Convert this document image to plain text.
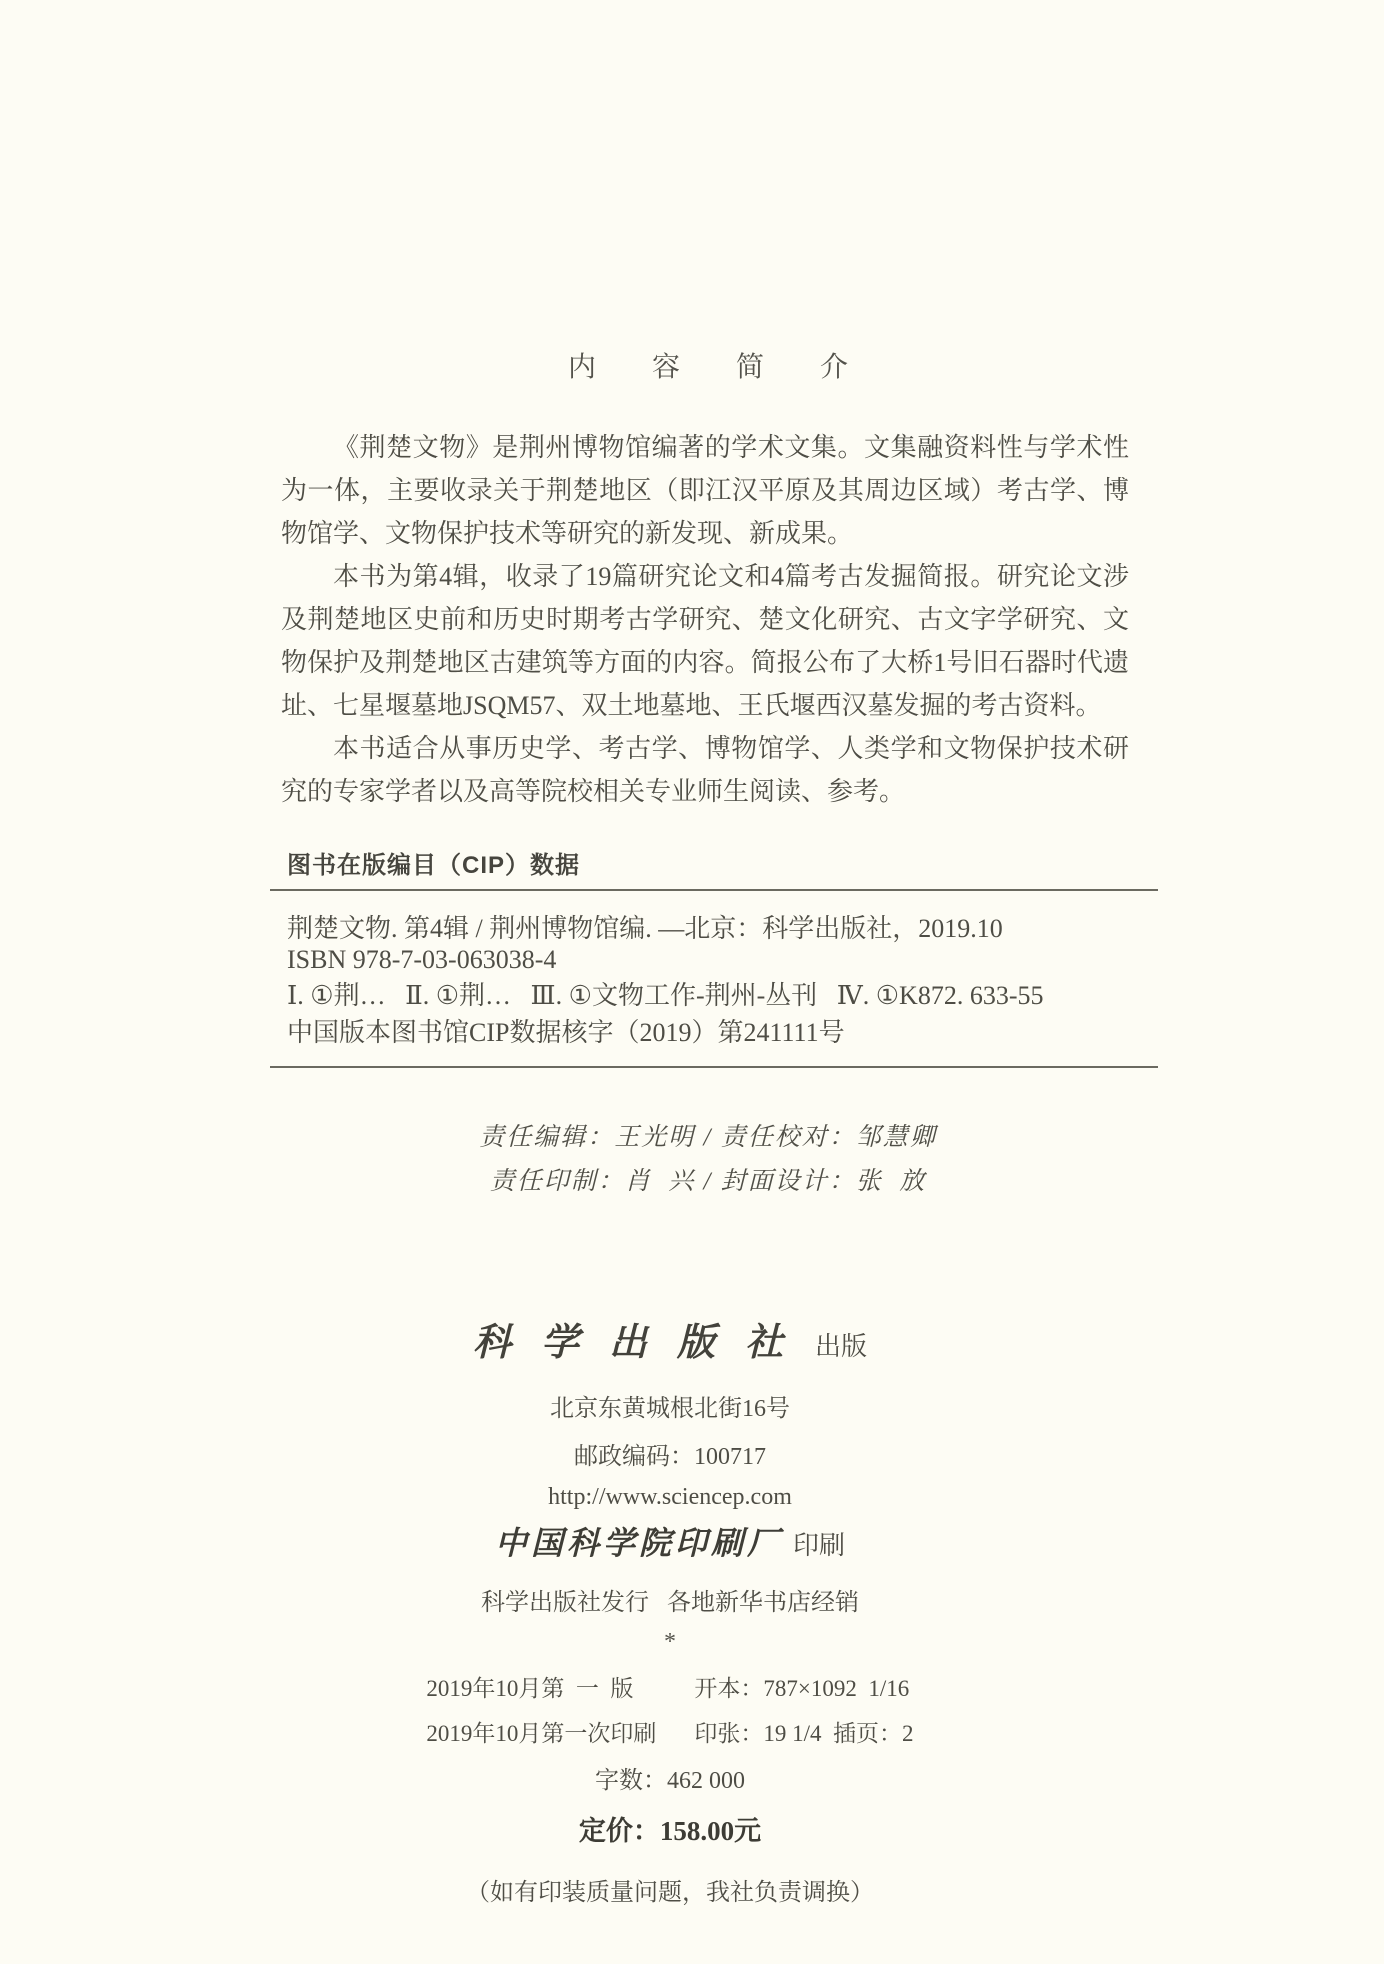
内容简介

《荆楚文物》是荆州博物馆编著的学术文集。文集融资料性与学术性为一体，主要收录关于荆楚地区（即江汉平原及其周边区域）考古学、博物馆学、文物保护技术等研究的新发现、新成果。

本书为第4辑，收录了19篇研究论文和4篇考古发掘简报。研究论文涉及荆楚地区史前和历史时期考古学研究、楚文化研究、古文字学研究、文物保护及荆楚地区古建筑等方面的内容。简报公布了大桥1号旧石器时代遗址、七星堰墓地JSQM57、双土地墓地、王氏堰西汉墓发掘的考古资料。

本书适合从事历史学、考古学、博物馆学、人类学和文物保护技术研究的专家学者以及高等院校相关专业师生阅读、参考。

图书在版编目（CIP）数据

荆楚文物. 第4辑 / 荆州博物馆编. —北京：科学出版社，2019.10

ISBN 978-7-03-063038-4

Ⅰ. ①荆…   Ⅱ. ①荆…   Ⅲ. ①文物工作-荆州-丛刊   Ⅳ. ①K872. 633-55

中国版本图书馆CIP数据核字（2019）第241111号

责任编辑：王光明 / 责任校对：邹慧卿
责任印制：肖  兴 / 封面设计：张  放
科学出版社出版
北京东黄城根北街16号
邮政编码：100717
http://www.sciencep.com
中国科学院印刷厂 印刷
科学出版社发行   各地新华书店经销
*
2019年10月第  一  版	开本：787×1092  1/16
2019年10月第一次印刷 印张：19 1/4  插页：2
字数：462 000
定价：158.00元
（如有印装质量问题，我社负责调换）
